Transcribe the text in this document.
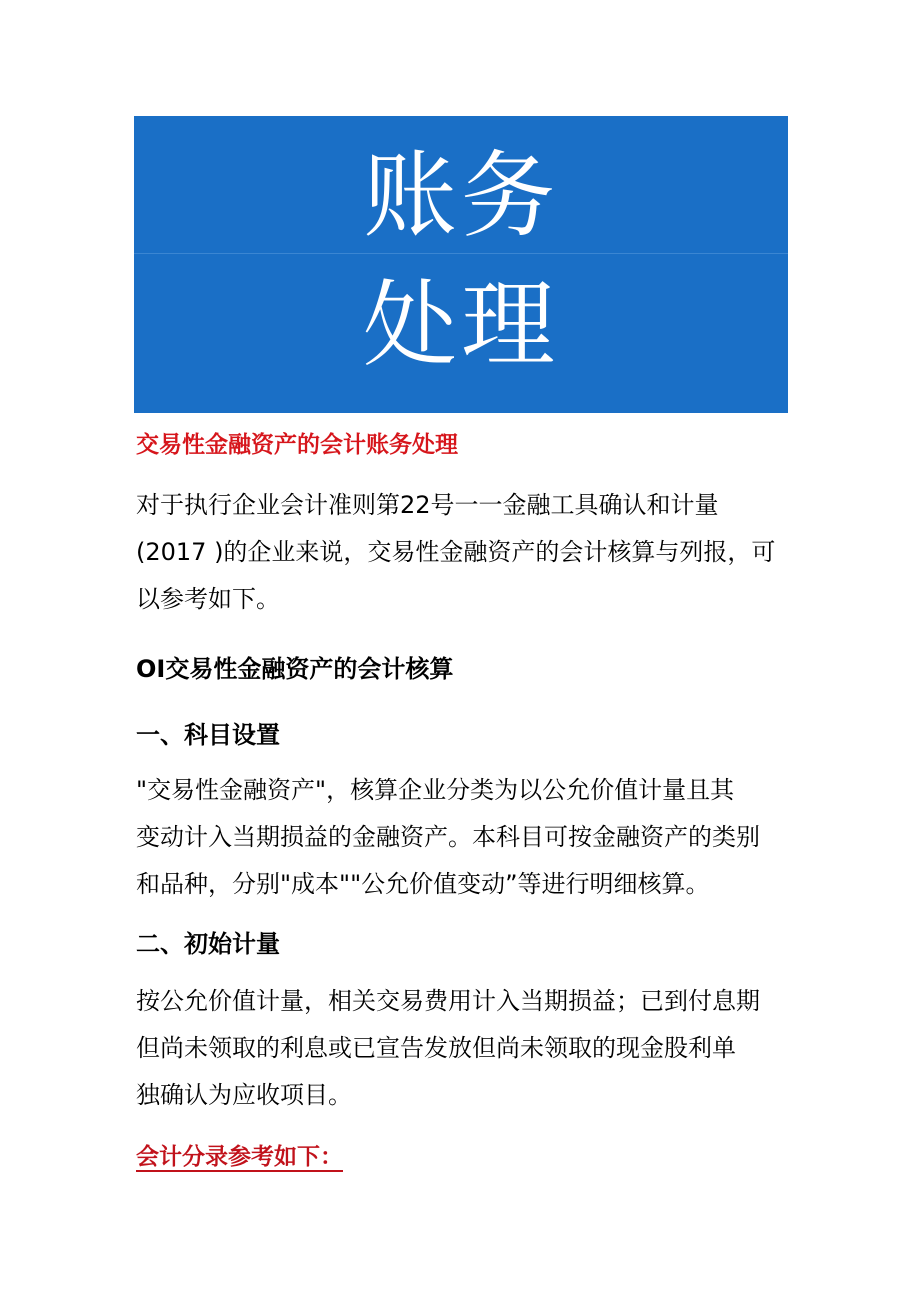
账务
处理
交易性金融资产的会计账务处理
对于执行企业会计准则第22号一一金融工具确认和计量
(2017 )的企业来说，交易性金融资产的会计核算与列报，可
以参考如下。
OI交易性金融资产的会计核算
一、科目设置
"交易性金融资产"，核算企业分类为以公允价值计量且其
变动计入当期损益的金融资产。本科目可按金融资产的类别
和品种，分别"成本""公允价值变动”等进行明细核算。
二、初始计量
按公允价值计量，相关交易费用计入当期损益；已到付息期
但尚未领取的利息或已宣告发放但尚未领取的现金股利单
独确认为应收项目。
会计分录参考如下：
